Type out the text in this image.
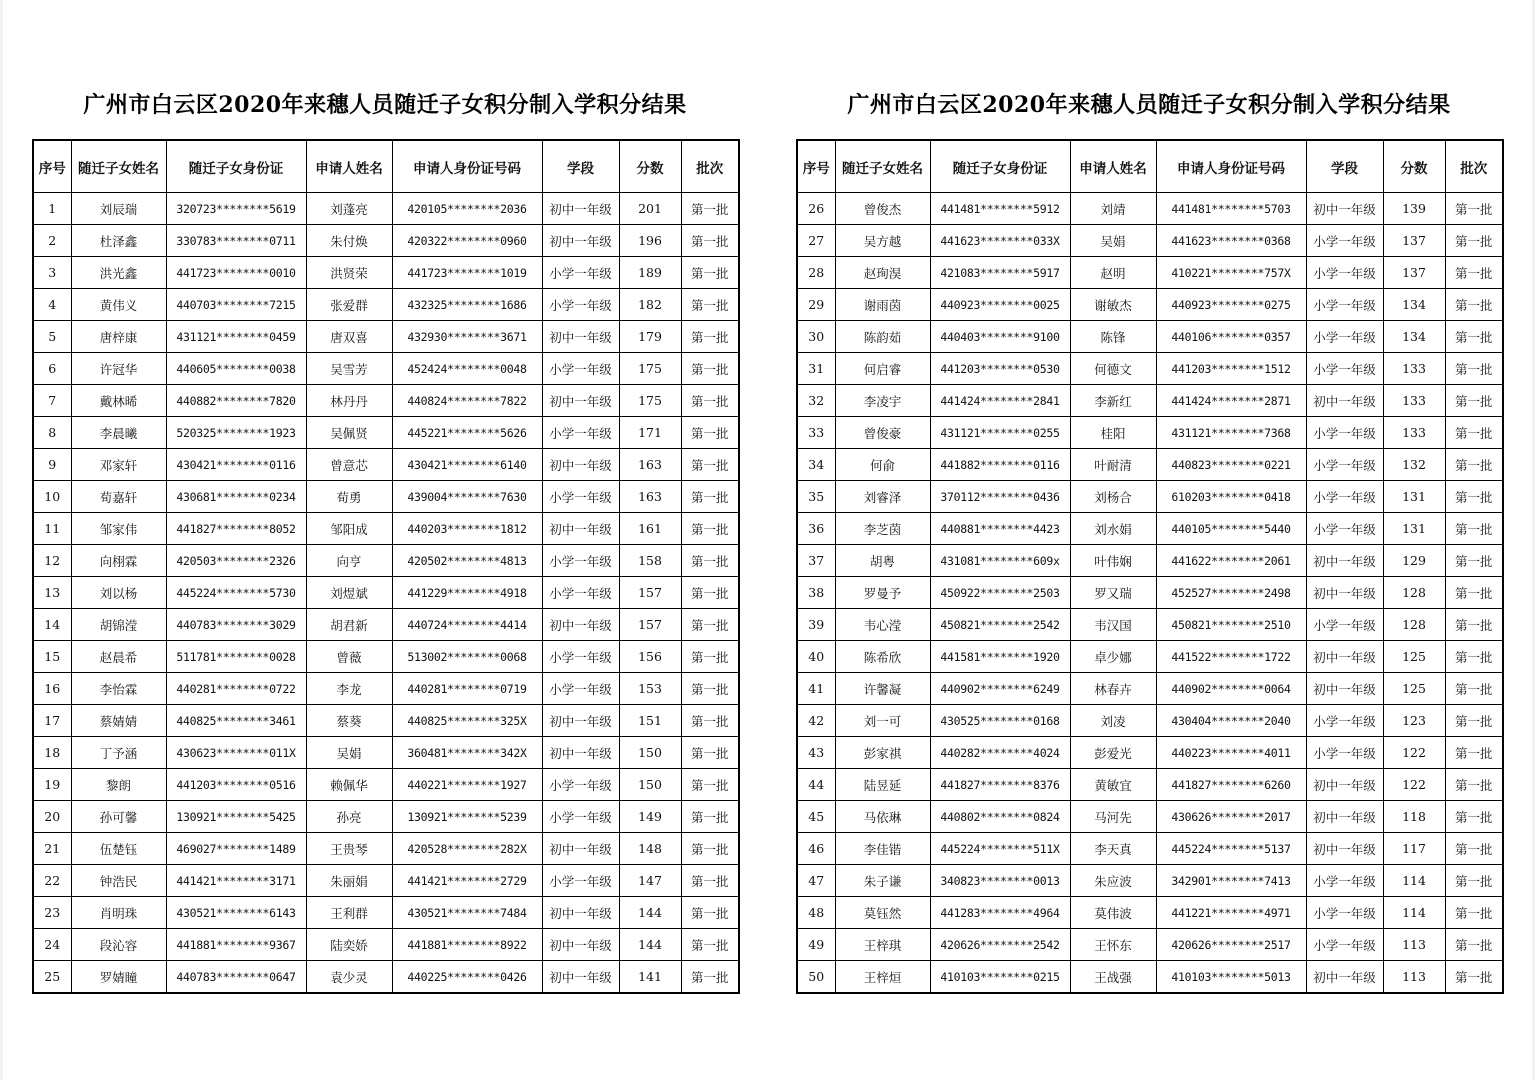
广州市白云区2020年来穗人员随迁子女积分制入学积分结果
序号	随迁子女姓名	随迁子女身份证	申请人姓名	申请人身份证号码	学段	分数	批次
1	刘辰瑞	320723********5619	刘蓬亮	420105********2036	初中一年级	201	第一批
2	杜泽鑫	330783********0711	朱付焕	420322********0960	初中一年级	196	第一批
3	洪光鑫	441723********0010	洪贤荣	441723********1019	小学一年级	189	第一批
4	黄伟义	440703********7215	张爱群	432325********1686	小学一年级	182	第一批
5	唐梓康	431121********0459	唐双喜	432930********3671	初中一年级	179	第一批
6	许冠华	440605********0038	吴雪芳	452424********0048	小学一年级	175	第一批
7	戴林晞	440882********7820	林丹丹	440824********7822	初中一年级	175	第一批
8	李晨曦	520325********1923	吴佩贤	445221********5626	小学一年级	171	第一批
9	邓家轩	430421********0116	曾意芯	430421********6140	初中一年级	163	第一批
10	荀嘉轩	430681********0234	荀勇	439004********7630	小学一年级	163	第一批
11	邹家伟	441827********8052	邹阳成	440203********1812	初中一年级	161	第一批
12	向栩霖	420503********2326	向亨	420502********4813	小学一年级	158	第一批
13	刘以杨	445224********5730	刘煜斌	441229********4918	小学一年级	157	第一批
14	胡锦滢	440783********3029	胡君新	440724********4414	初中一年级	157	第一批
15	赵晨希	511781********0028	曾薇	513002********0068	小学一年级	156	第一批
16	李怡霖	440281********0722	李龙	440281********0719	小学一年级	153	第一批
17	蔡婧婧	440825********3461	蔡葵	440825********325X	初中一年级	151	第一批
18	丁予涵	430623********011X	吴娟	360481********342X	初中一年级	150	第一批
19	黎朗	441203********0516	赖佩华	440221********1927	小学一年级	150	第一批
20	孙可馨	130921********5425	孙亮	130921********5239	小学一年级	149	第一批
21	伍楚钰	469027********1489	王贵琴	420528********282X	初中一年级	148	第一批
22	钟浩民	441421********3171	朱丽娟	441421********2729	小学一年级	147	第一批
23	肖明珠	430521********6143	王利群	430521********7484	初中一年级	144	第一批
24	段沁容	441881********9367	陆奕娇	441881********8922	初中一年级	144	第一批
25	罗婧瞳	440783********0647	袁少灵	440225********0426	初中一年级	141	第一批
广州市白云区2020年来穗人员随迁子女积分制入学积分结果
序号	随迁子女姓名	随迁子女身份证	申请人姓名	申请人身份证号码	学段	分数	批次
26	曾俊杰	441481********5912	刘靖	441481********5703	初中一年级	139	第一批
27	吴方越	441623********033X	吴娟	441623********0368	小学一年级	137	第一批
28	赵珣淏	421083********5917	赵明	410221********757X	小学一年级	137	第一批
29	谢雨茵	440923********0025	谢敏杰	440923********0275	小学一年级	134	第一批
30	陈韵茹	440403********9100	陈锋	440106********0357	小学一年级	134	第一批
31	何启睿	441203********0530	何德文	441203********1512	小学一年级	133	第一批
32	李凌宇	441424********2841	李新红	441424********2871	初中一年级	133	第一批
33	曾俊豪	431121********0255	桂阳	431121********7368	小学一年级	133	第一批
34	何俞	441882********0116	叶耐清	440823********0221	小学一年级	132	第一批
35	刘睿泽	370112********0436	刘杨合	610203********0418	小学一年级	131	第一批
36	李芝茵	440881********4423	刘水娟	440105********5440	小学一年级	131	第一批
37	胡粤	431081********609x	叶伟娴	441622********2061	初中一年级	129	第一批
38	罗曼予	450922********2503	罗又瑞	452527********2498	初中一年级	128	第一批
39	韦心滢	450821********2542	韦汉国	450821********2510	小学一年级	128	第一批
40	陈希欣	441581********1920	卓少娜	441522********1722	初中一年级	125	第一批
41	许馨凝	440902********6249	林春卉	440902********0064	初中一年级	125	第一批
42	刘一可	430525********0168	刘凌	430404********2040	小学一年级	123	第一批
43	彭家祺	440282********4024	彭爱光	440223********4011	小学一年级	122	第一批
44	陆昱延	441827********8376	黄敏宜	441827********6260	初中一年级	122	第一批
45	马依琳	440802********0824	马河先	430626********2017	初中一年级	118	第一批
46	李佳锴	445224********511X	李天真	445224********5137	初中一年级	117	第一批
47	朱子谦	340823********0013	朱应波	342901********7413	小学一年级	114	第一批
48	莫钰然	441283********4964	莫伟波	441221********4971	小学一年级	114	第一批
49	王梓琪	420626********2542	王怀东	420626********2517	小学一年级	113	第一批
50	王梓烜	410103********0215	王战强	410103********5013	初中一年级	113	第一批
